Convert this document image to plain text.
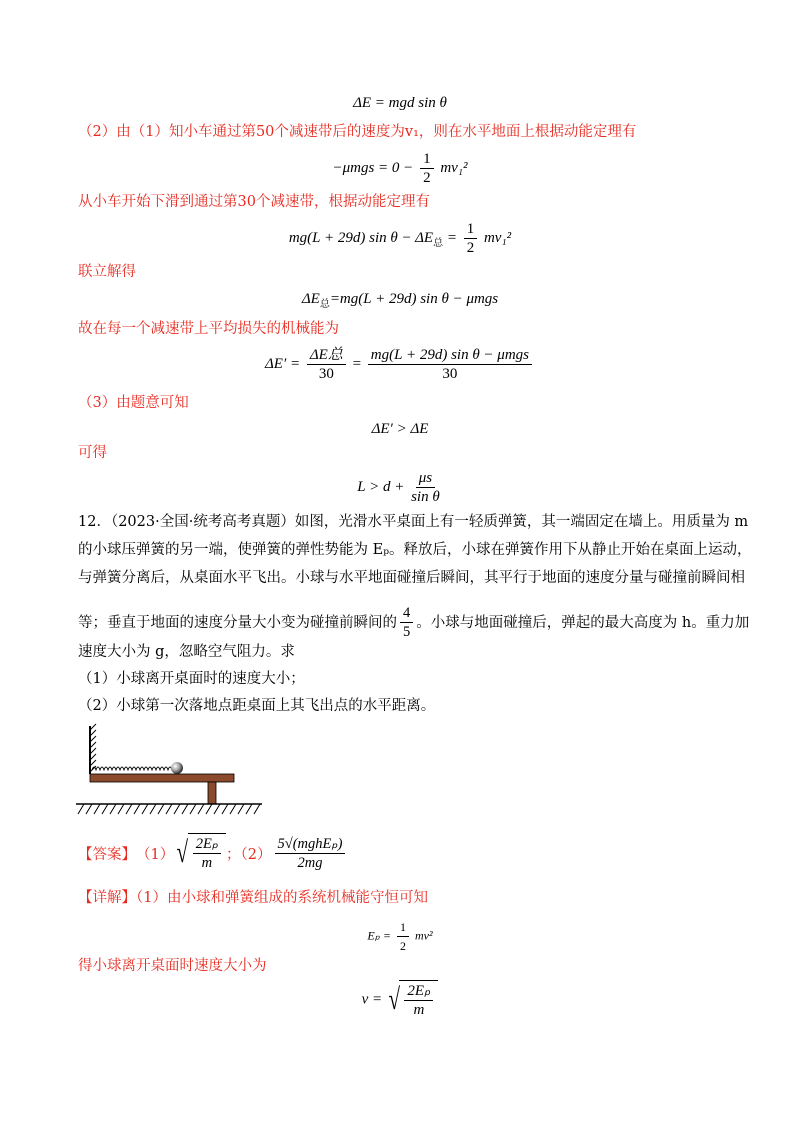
ΔE = mgd sin θ
（2）由（1）知小车通过第50个减速带后的速度为v₁，则在水平地面上根据动能定理有
$-\mu mgs = 0 - \frac{1}{2} mv_1^2$
从小车开始下滑到通过第30个减速带，根据动能定理有
mg(L + 29d) $\sin \theta - \Delta E_总 = \frac{1}{2} mv_1^2$
联立解得
$\Delta E_总=mg(L + 29d)$ sin θ − μmgs
故在每一个减速带上平均损失的机械能为
$\Delta E' = \frac{\text{ΔE总}}{30} = \frac{\text{mg(L + 29d) sin θ − μmgs}}{30}$
（3）由题意可知
ΔE′ > ΔE
可得
$L > d + \frac{\mu s}{\text{sin θ}}$
12．（2023·全国·统考高考真题）如图，光滑水平桌面上有一轻质弹簧，其一端固定在墙上。用质量为 m
的小球压弹簧的另一端，使弹簧的弹性势能为 Eₚ。释放后，小球在弹簧作用下从静止开始在桌面上运动，
与弹簧分离后，从桌面水平飞出。小球与水平地面碰撞后瞬间，其平行于地面的速度分量与碰撞前瞬间相
等；垂直于地面的速度分量大小变为碰撞前瞬间的 $\frac{4}{5}$ 。小球与地面碰撞后，弹起的最大高度为 h。重力加
速度大小为 g，忽略空气阻力。求
（1）小球离开桌面时的速度大小；
（2）小球第一次落地点距桌面上其飞出点的水平距离。
【答案】 （1） √ $\frac{\text{2Eₚ}}{m}$ ；$(2) \frac{\text{5√(mghEₚ)}}{2mg}$
【详解】（1）由小球和弹簧组成的系统机械能守恒可知
$E_p = \frac{1}{2} mv^2$
得小球离开桌面时速度大小为
v = √ $\frac{\text{2Eₚ}}{m}$
